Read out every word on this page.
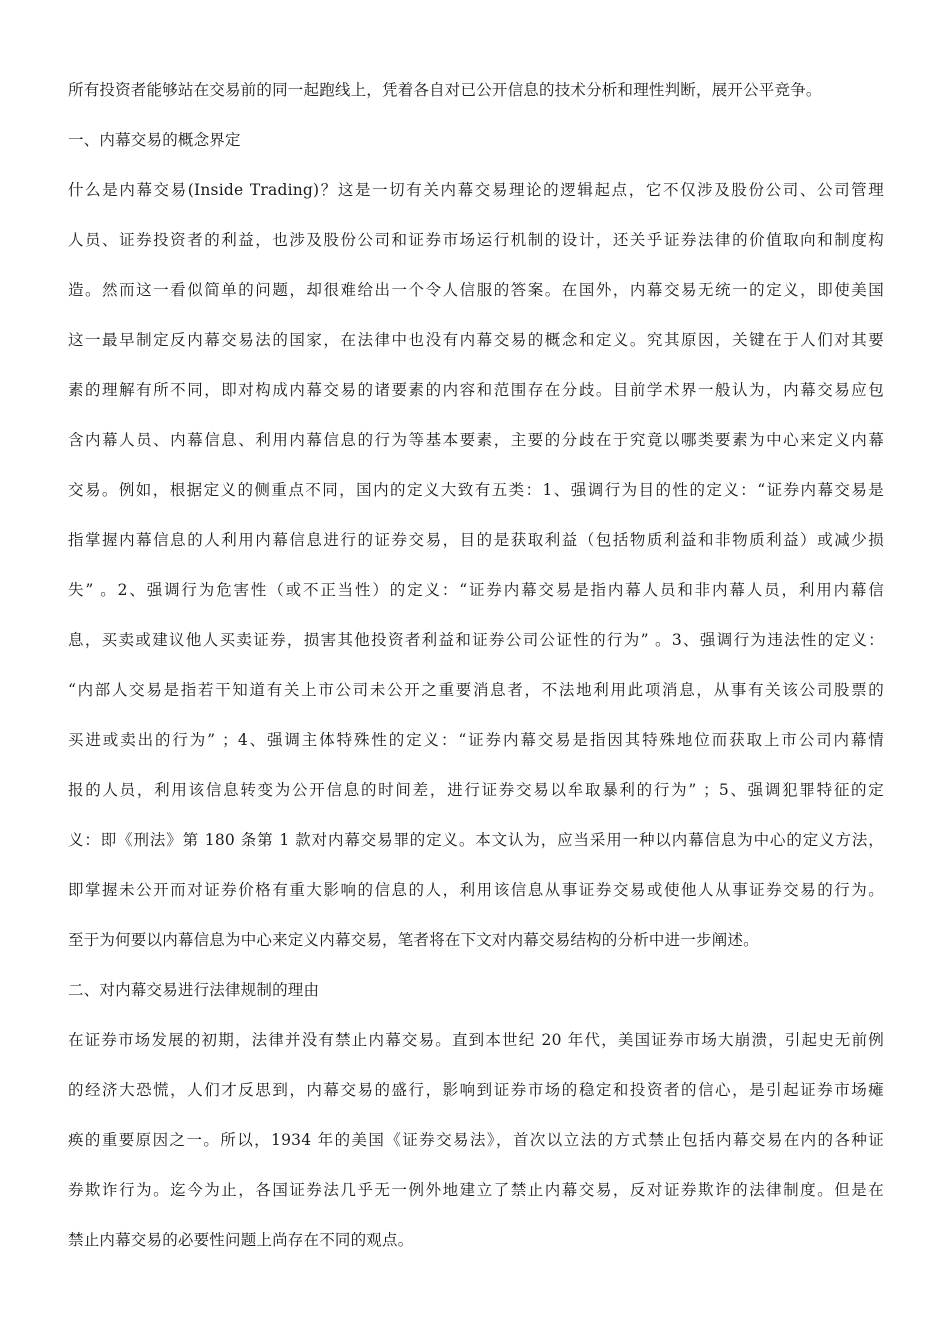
所有投资者能够站在交易前的同一起跑线上，凭着各自对已公开信息的技术分析和理性判断，展开公平竞争。
一、内幕交易的概念界定
什么是内幕交易(Inside Trading)？这是一切有关内幕交易理论的逻辑起点，它不仅涉及股份公司、公司管理
人员、证券投资者的利益，也涉及股份公司和证券市场运行机制的设计，还关乎证券法律的价值取向和制度构
造。然而这一看似简单的问题，却很难给出一个令人信服的答案。在国外，内幕交易无统一的定义，即使美国
这一最早制定反内幕交易法的国家，在法律中也没有内幕交易的概念和定义。究其原因，关键在于人们对其要
素的理解有所不同，即对构成内幕交易的诸要素的内容和范围存在分歧。目前学术界一般认为，内幕交易应包
含内幕人员、内幕信息、利用内幕信息的行为等基本要素，主要的分歧在于究竟以哪类要素为中心来定义内幕
交易。例如，根据定义的侧重点不同，国内的定义大致有五类：1、强调行为目的性的定义：“证券内幕交易是
指掌握内幕信息的人利用内幕信息进行的证券交易，目的是获取利益（包括物质利益和非物质利益）或减少损
失” 。2、强调行为危害性（或不正当性）的定义：“证券内幕交易是指内幕人员和非内幕人员，利用内幕信
息，买卖或建议他人买卖证券，损害其他投资者利益和证券公司公证性的行为” 。3、强调行为违法性的定义：
“内部人交易是指若干知道有关上市公司未公开之重要消息者，不法地利用此项消息，从事有关该公司股票的
买进或卖出的行为” ；4、强调主体特殊性的定义：“证券内幕交易是指因其特殊地位而获取上市公司内幕情
报的人员，利用该信息转变为公开信息的时间差，进行证券交易以牟取暴利的行为” ；5、强调犯罪特征的定
义：即《刑法》第 180 条第 1 款对内幕交易罪的定义。本文认为，应当采用一种以内幕信息为中心的定义方法，
即掌握未公开而对证券价格有重大影响的信息的人，利用该信息从事证券交易或使他人从事证券交易的行为。
至于为何要以内幕信息为中心来定义内幕交易，笔者将在下文对内幕交易结构的分析中进一步阐述。
二、对内幕交易进行法律规制的理由
在证券市场发展的初期，法律并没有禁止内幕交易。直到本世纪 20 年代，美国证券市场大崩溃，引起史无前例
的经济大恐慌，人们才反思到，内幕交易的盛行，影响到证券市场的稳定和投资者的信心，是引起证券市场瘫
痪的重要原因之一。所以，1934 年的美国《证券交易法》，首次以立法的方式禁止包括内幕交易在内的各种证
券欺诈行为。迄今为止，各国证券法几乎无一例外地建立了禁止内幕交易，反对证券欺诈的法律制度。但是在
禁止内幕交易的必要性问题上尚存在不同的观点。
